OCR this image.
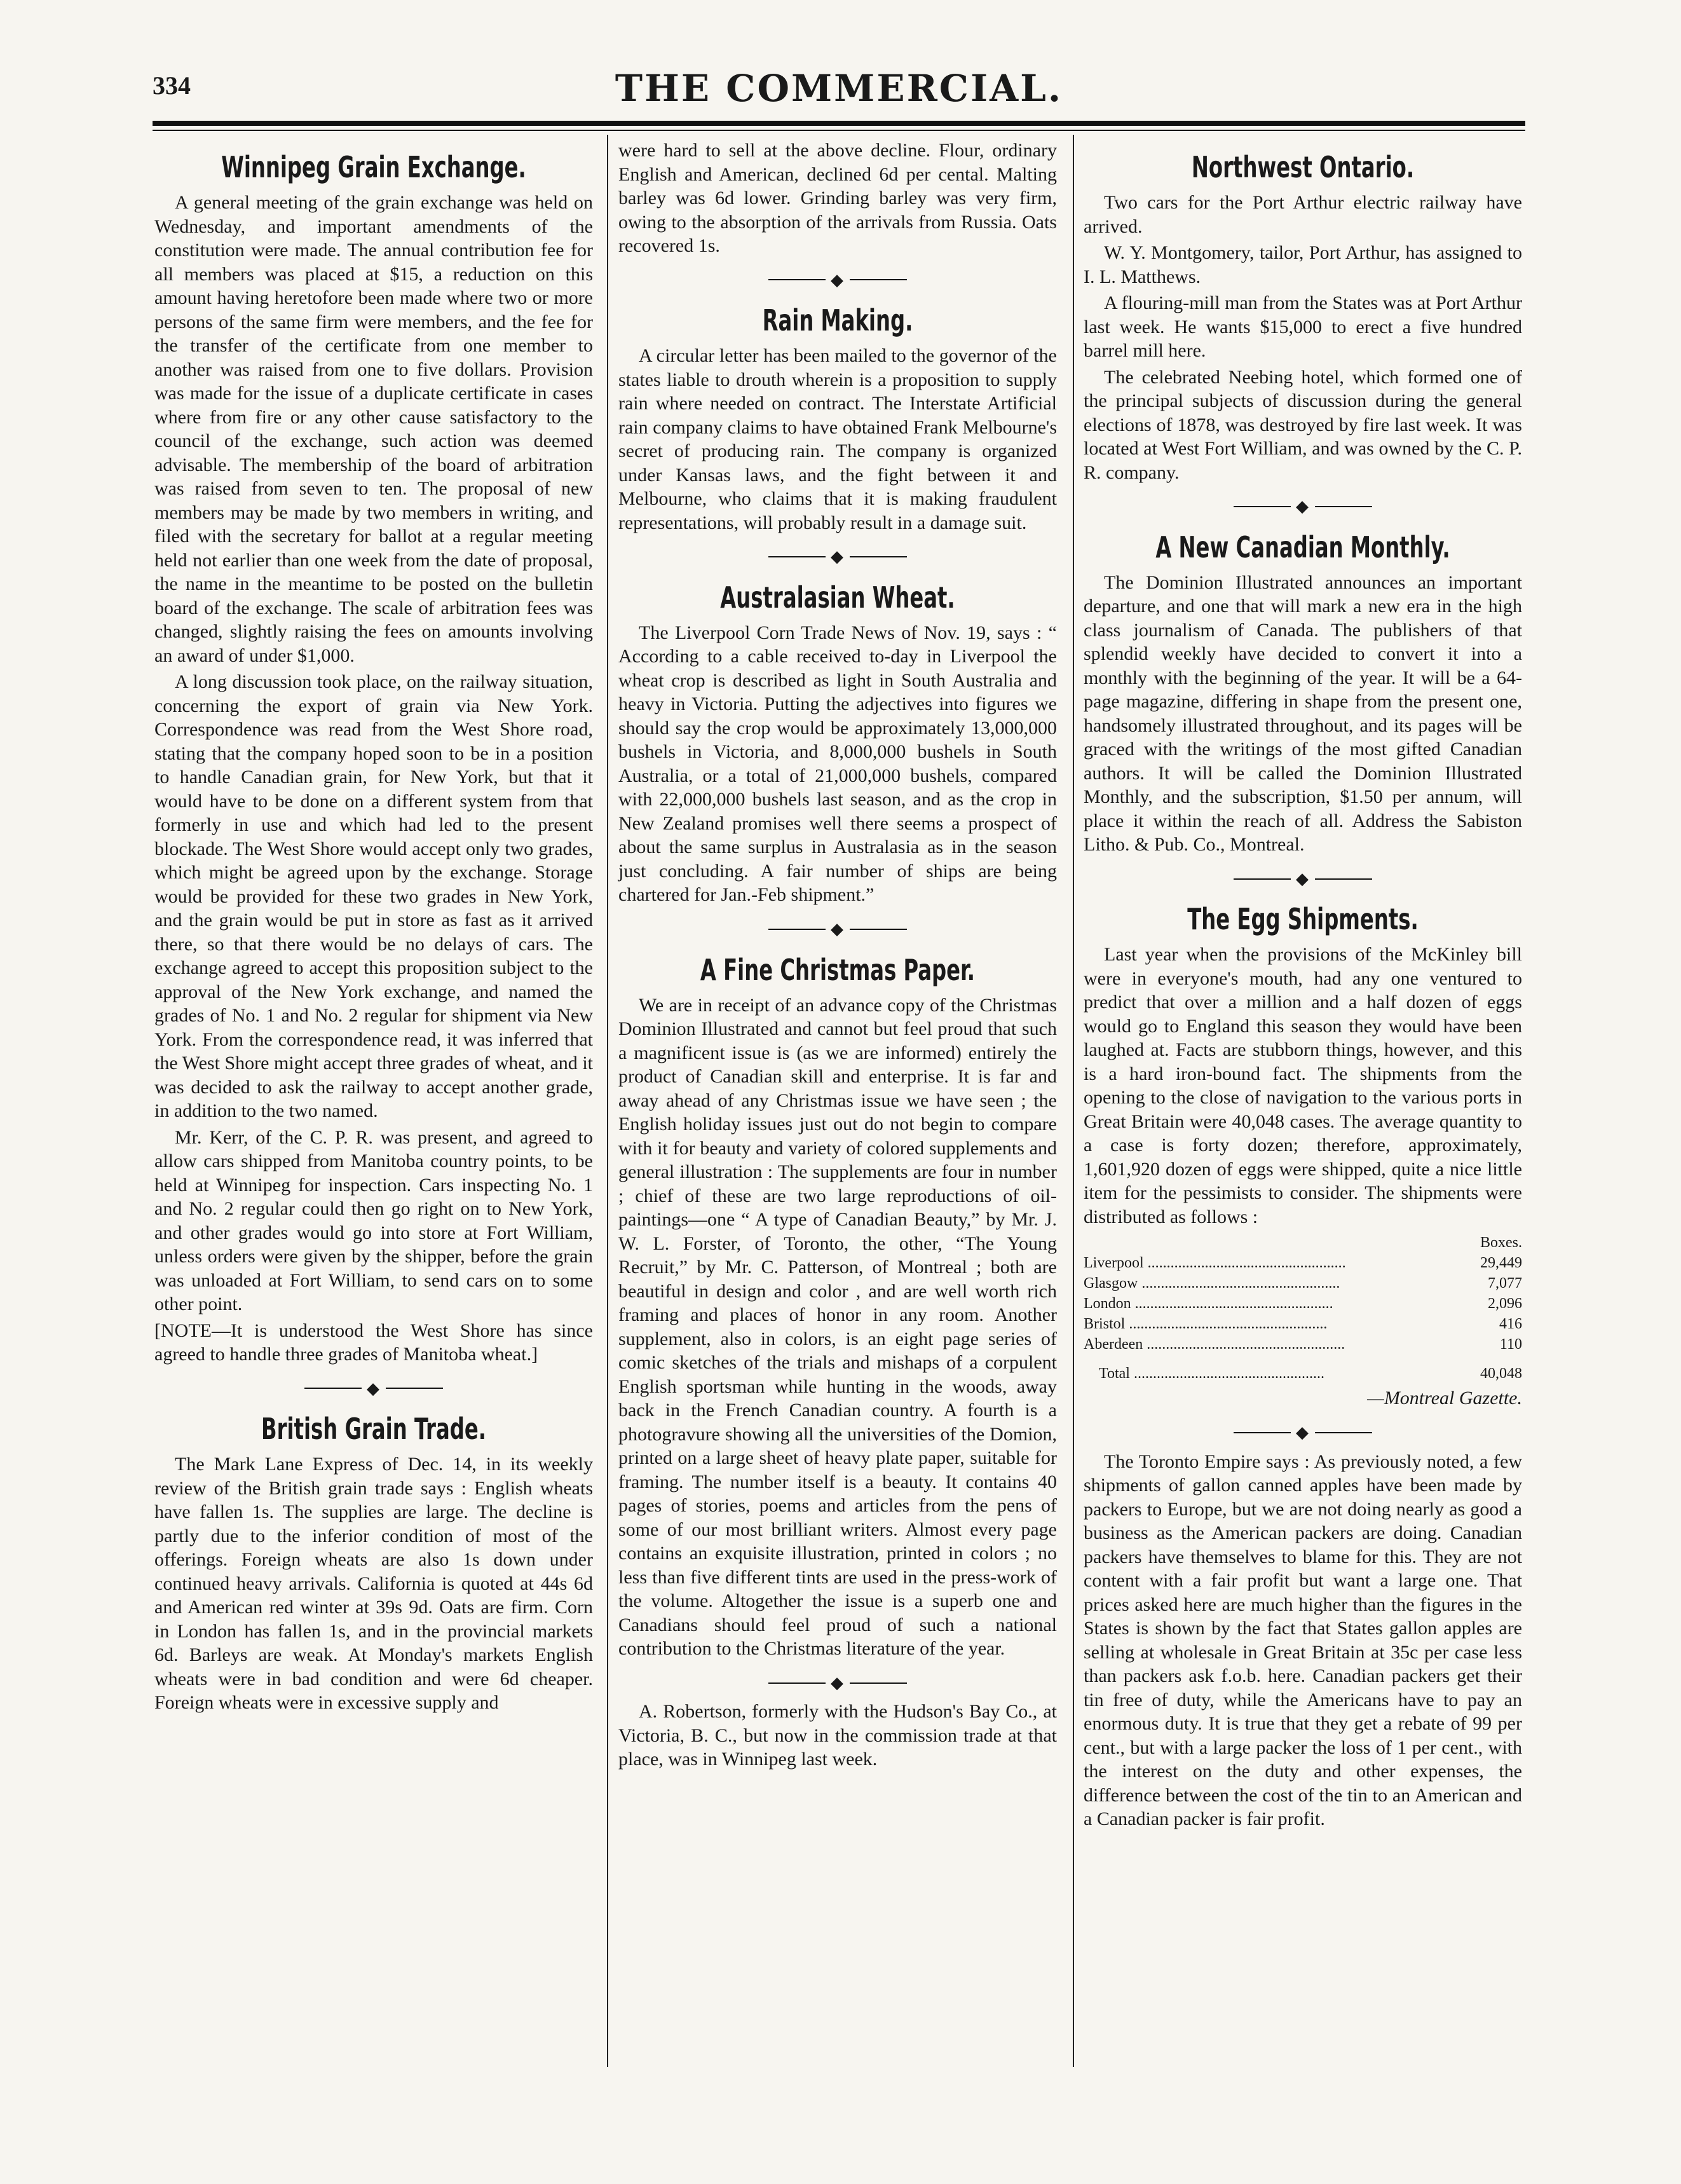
334	THE COMMERCIAL.
Winnipeg Grain Exchange.

A general meeting of the grain exchange was held on Wednesday, and important amendments of the constitution were made. The annual contribution fee for all members was placed at $15, a reduction on this amount having heretofore been made where two or more persons of the same firm were members, and the fee for the transfer of the certificate from one member to another was raised from one to five dollars. Provision was made for the issue of a duplicate certificate in cases where from fire or any other cause satisfactory to the council of the exchange, such action was deemed advisable. The membership of the board of arbitration was raised from seven to ten. The proposal of new members may be made by two members in writing, and filed with the secretary for ballot at a regular meeting held not earlier than one week from the date of proposal, the name in the meantime to be posted on the bulletin board of the exchange. The scale of arbitration fees was changed, slightly raising the fees on amounts involving an award of under $1,000.

A long discussion took place, on the railway situation, concerning the export of grain via New York. Correspondence was read from the West Shore road, stating that the company hoped soon to be in a position to handle Canadian grain, for New York, but that it would have to be done on a different system from that formerly in use and which had led to the present blockade. The West Shore would accept only two grades, which might be agreed upon by the exchange. Storage would be provided for these two grades in New York, and the grain would be put in store as fast as it arrived there, so that there would be no delays of cars. The exchange agreed to accept this proposition subject to the approval of the New York exchange, and named the grades of No. 1 and No. 2 regular for shipment via New York. From the correspondence read, it was inferred that the West Shore might accept three grades of wheat, and it was decided to ask the railway to accept another grade, in addition to the two named.

Mr. Kerr, of the C. P. R. was present, and agreed to allow cars shipped from Manitoba country points, to be held at Winnipeg for inspection. Cars inspecting No. 1 and No. 2 regular could then go right on to New York, and other grades would go into store at Fort William, unless orders were given by the shipper, before the grain was unloaded at Fort William, to send cars on to some other point.

[NOTE—It is understood the West Shore has since agreed to handle three grades of Manitoba wheat.]

◆
British Grain Trade.

The Mark Lane Express of Dec. 14, in its weekly review of the British grain trade says : English wheats have fallen 1s. The supplies are large. The decline is partly due to the inferior condition of most of the offerings. Foreign wheats are also 1s down under continued heavy arrivals. California is quoted at 44s 6d and American red winter at 39s 9d. Oats are firm. Corn in London has fallen 1s, and in the provincial markets 6d. Barleys are weak. At Monday's markets English wheats were in bad condition and were 6d cheaper. Foreign wheats were in excessive supply and

were hard to sell at the above decline. Flour, ordinary English and American, declined 6d per cental. Malting barley was 6d lower. Grinding barley was very firm, owing to the absorption of the arrivals from Russia. Oats recovered 1s.

◆
Rain Making.

A circular letter has been mailed to the governor of the states liable to drouth wherein is a proposition to supply rain where needed on contract. The Interstate Artificial rain company claims to have obtained Frank Melbourne's secret of producing rain. The company is organized under Kansas laws, and the fight between it and Melbourne, who claims that it is making fraudulent representations, will probably result in a damage suit.

◆
Australasian Wheat.

The Liverpool Corn Trade News of Nov. 19, says : “ According to a cable received to-day in Liverpool the wheat crop is described as light in South Australia and heavy in Victoria. Putting the adjectives into figures we should say the crop would be approximately 13,000,000 bushels in Victoria, and 8,000,000 bushels in South Australia, or a total of 21,000,000 bushels, compared with 22,000,000 bushels last season, and as the crop in New Zealand promises well there seems a prospect of about the same surplus in Australasia as in the season just concluding. A fair number of ships are being chartered for Jan.-Feb shipment.”

◆
A Fine Christmas Paper.

We are in receipt of an advance copy of the Christmas Dominion Illustrated and cannot but feel proud that such a magnificent issue is (as we are informed) entirely the product of Canadian skill and enterprise. It is far and away ahead of any Christmas issue we have seen ; the English holiday issues just out do not begin to compare with it for beauty and variety of colored supplements and general illustration : The supplements are four in number ; chief of these are two large reproductions of oil-paintings—one “ A type of Canadian Beauty,” by Mr. J. W. L. Forster, of Toronto, the other, “The Young Recruit,” by Mr. C. Patterson, of Montreal ; both are beautiful in design and color , and are well worth rich framing and places of honor in any room. Another supplement, also in colors, is an eight page series of comic sketches of the trials and mishaps of a corpulent English sportsman while hunting in the woods, away back in the French Canadian country. A fourth is a photogravure showing all the universities of the Domion, printed on a large sheet of heavy plate paper, suitable for framing. The number itself is a beauty. It contains 40 pages of stories, poems and articles from the pens of some of our most brilliant writers. Almost every page contains an exquisite illustration, printed in colors ; no less than five different tints are used in the press-work of the volume. Altogether the issue is a superb one and Canadians should feel proud of such a national contribution to the Christmas literature of the year.

◆

A. Robertson, formerly with the Hudson's Bay Co., at Victoria, B. C., but now in the commission trade at that place, was in Winnipeg last week.

Northwest Ontario.

Two cars for the Port Arthur electric railway have arrived.

W. Y. Montgomery, tailor, Port Arthur, has assigned to I. L. Matthews.

A flouring-mill man from the States was at Port Arthur last week. He wants $15,000 to erect a five hundred barrel mill here.

The celebrated Neebing hotel, which formed one of the principal subjects of discussion during the general elections of 1878, was destroyed by fire last week. It was located at West Fort William, and was owned by the C. P. R. company.

◆
A New Canadian Monthly.

The Dominion Illustrated announces an important departure, and one that will mark a new era in the high class journalism of Canada. The publishers of that splendid weekly have decided to convert it into a monthly with the beginning of the year. It will be a 64-page magazine, differing in shape from the present one, handsomely illustrated throughout, and its pages will be graced with the writings of the most gifted Canadian authors. It will be called the Dominion Illustrated Monthly, and the subscription, $1.50 per annum, will place it within the reach of all. Address the Sabiston Litho. & Pub. Co., Montreal.

◆
The Egg Shipments.

Last year when the provisions of the McKinley bill were in everyone's mouth, had any one ventured to predict that over a million and a half dozen of eggs would go to England this season they would have been laughed at. Facts are stubborn things, however, and this is a hard iron-bound fact. The shipments from the opening to the close of navigation to the various ports in Great Britain were 40,048 cases. The average quantity to a case is forty dozen; therefore, approximately, 1,601,920 dozen of eggs were shipped, quite a nice little item for the pessimists to consider. The shipments were distributed as follows :

	Boxes.
Liverpool ....................................................	29,449
Glasgow ....................................................	7,077
London ....................................................	2,096
Bristol ....................................................	416
Aberdeen ....................................................	110
Total ..................................................	40,048
—Montreal Gazette.
◆

The Toronto Empire says : As previously noted, a few shipments of gallon canned apples have been made by packers to Europe, but we are not doing nearly as good a business as the American packers are doing. Canadian packers have themselves to blame for this. They are not content with a fair profit but want a large one. That prices asked here are much higher than the figures in the States is shown by the fact that States gallon apples are selling at wholesale in Great Britain at 35c per case less than packers ask f.o.b. here. Canadian packers get their tin free of duty, while the Americans have to pay an enormous duty. It is true that they get a rebate of 99 per cent., but with a large packer the loss of 1 per cent., with the interest on the duty and other expenses, the difference between the cost of the tin to an American and a Canadian packer is fair profit.
